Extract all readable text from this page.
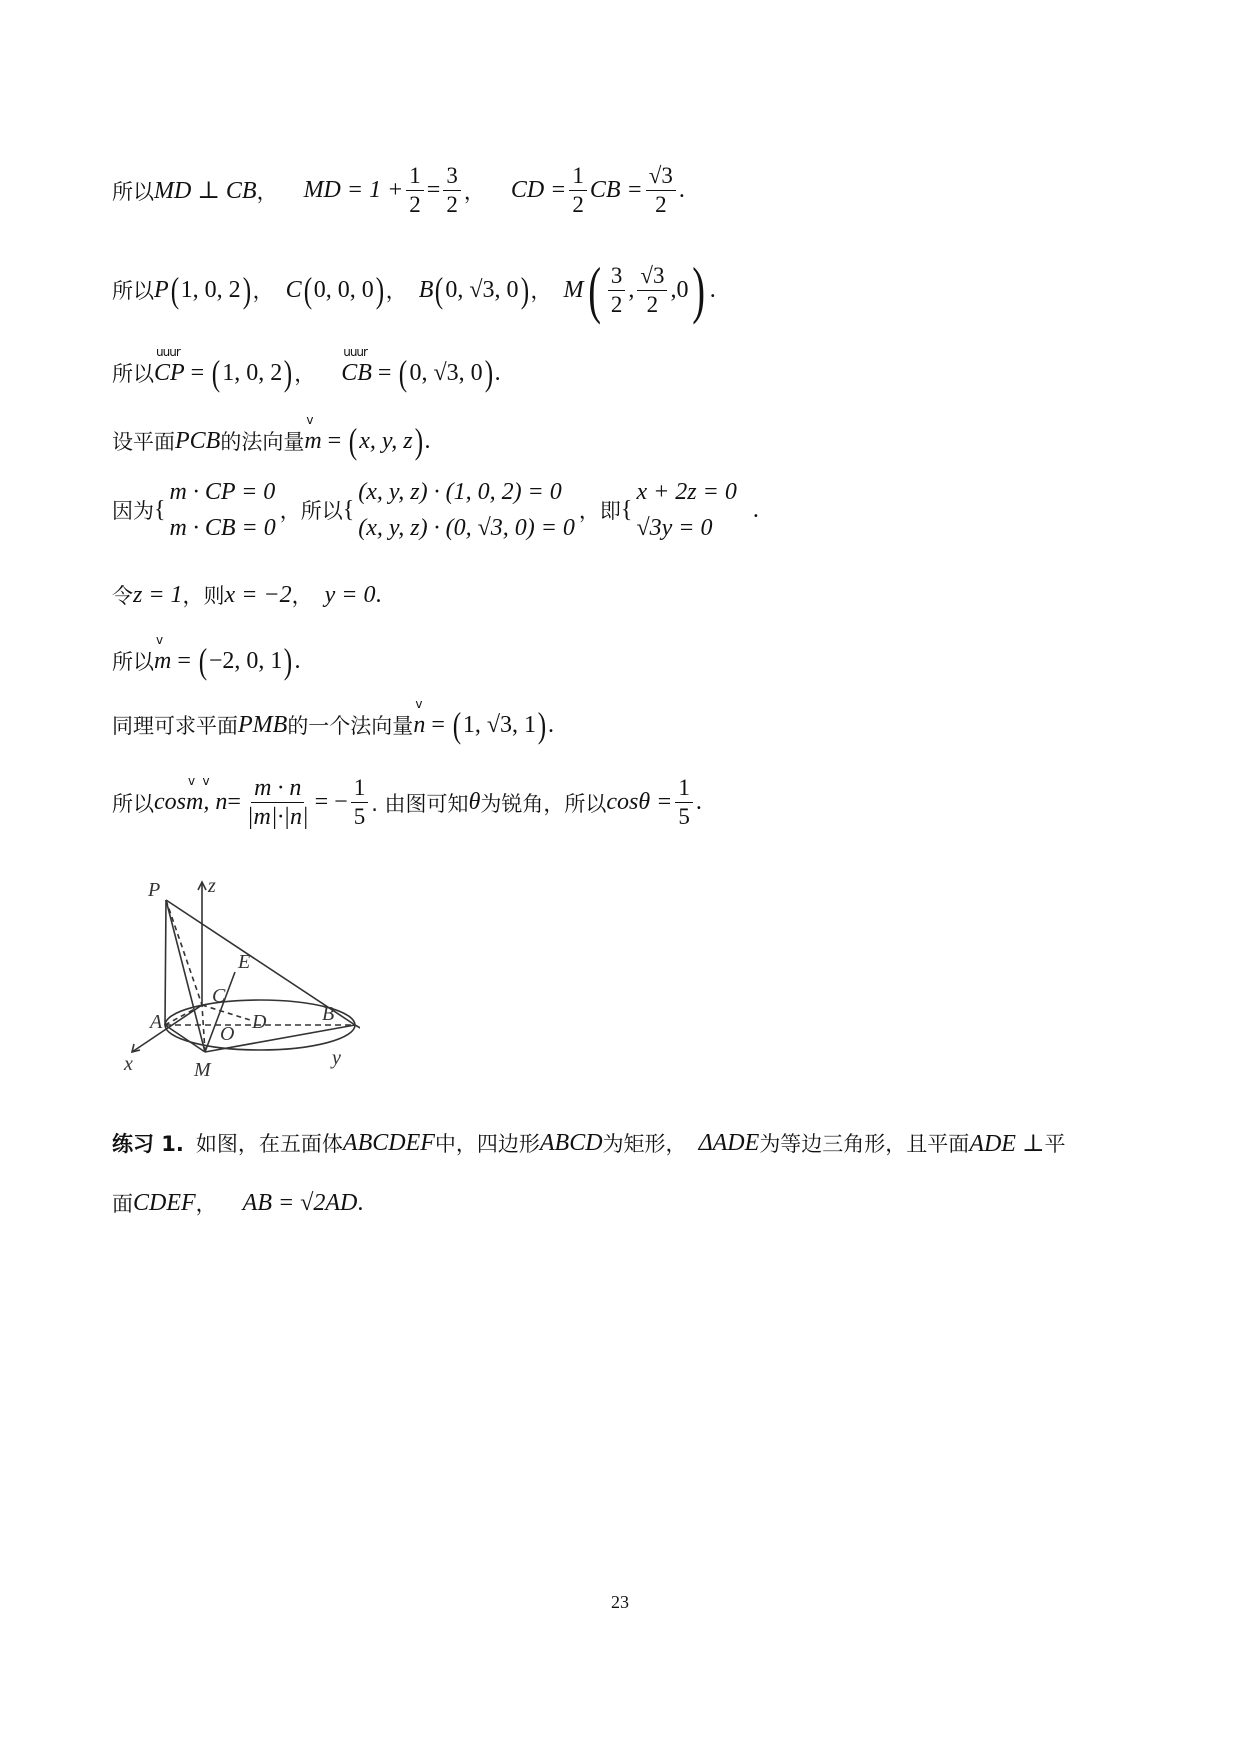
所以 MD ⊥ CB ， MD = $1 + \frac{1}{2} = \frac{3}{2}$ ， CD = $\frac{1}{2}$ CB = $\frac{√3}{2}$ .
所以 P ( 1, 0, 2 ) ， C ( 0, 0, 0 ) ， B ( 0, √3, 0 ) ， M ( $\frac{3}{2}$ , $\frac{√3}{2}$ , 0 ) .
所以
uuur
CP = ( 1, 0, 2 ) ，
uuur
CB = ( 0, √3, 0 ) .
设平面 PCB 的法向量
v
m = ( x, y, z ) .
因为 {
m · CP = 0
m · CB = 0
，所以 {
(x, y, z) · (1, 0, 2) = 0
(x, y, z) · (0, √3, 0) = 0
，即 {
x + 2z = 0
√3y = 0
.
令 z = 1 ，则 x = −2 ， y = 0 .
所以
v
m = ( −2, 0, 1 ) .
同理可求平面 PMB 的一个法向量
v
n = ( 1, √3, 1 ) .
所以 cos
v   v
m, $n = \frac{m \cdot n}{|m|\cdot|n|}$ = − $\frac{1}{5}$ . 由图可知 θ 为锐角，所以 $\cos\theta = \frac{1}{5}$ .
P z
E
C
A	D	B
O
M
x	y
练习 1. 如图，在五面体 ABCDEF 中，四边形 ABCD 为矩形， ΔADE 为等边三角形，且平面 ADE ⊥ 平
面 CDEF ， AB = √2AD .
23
